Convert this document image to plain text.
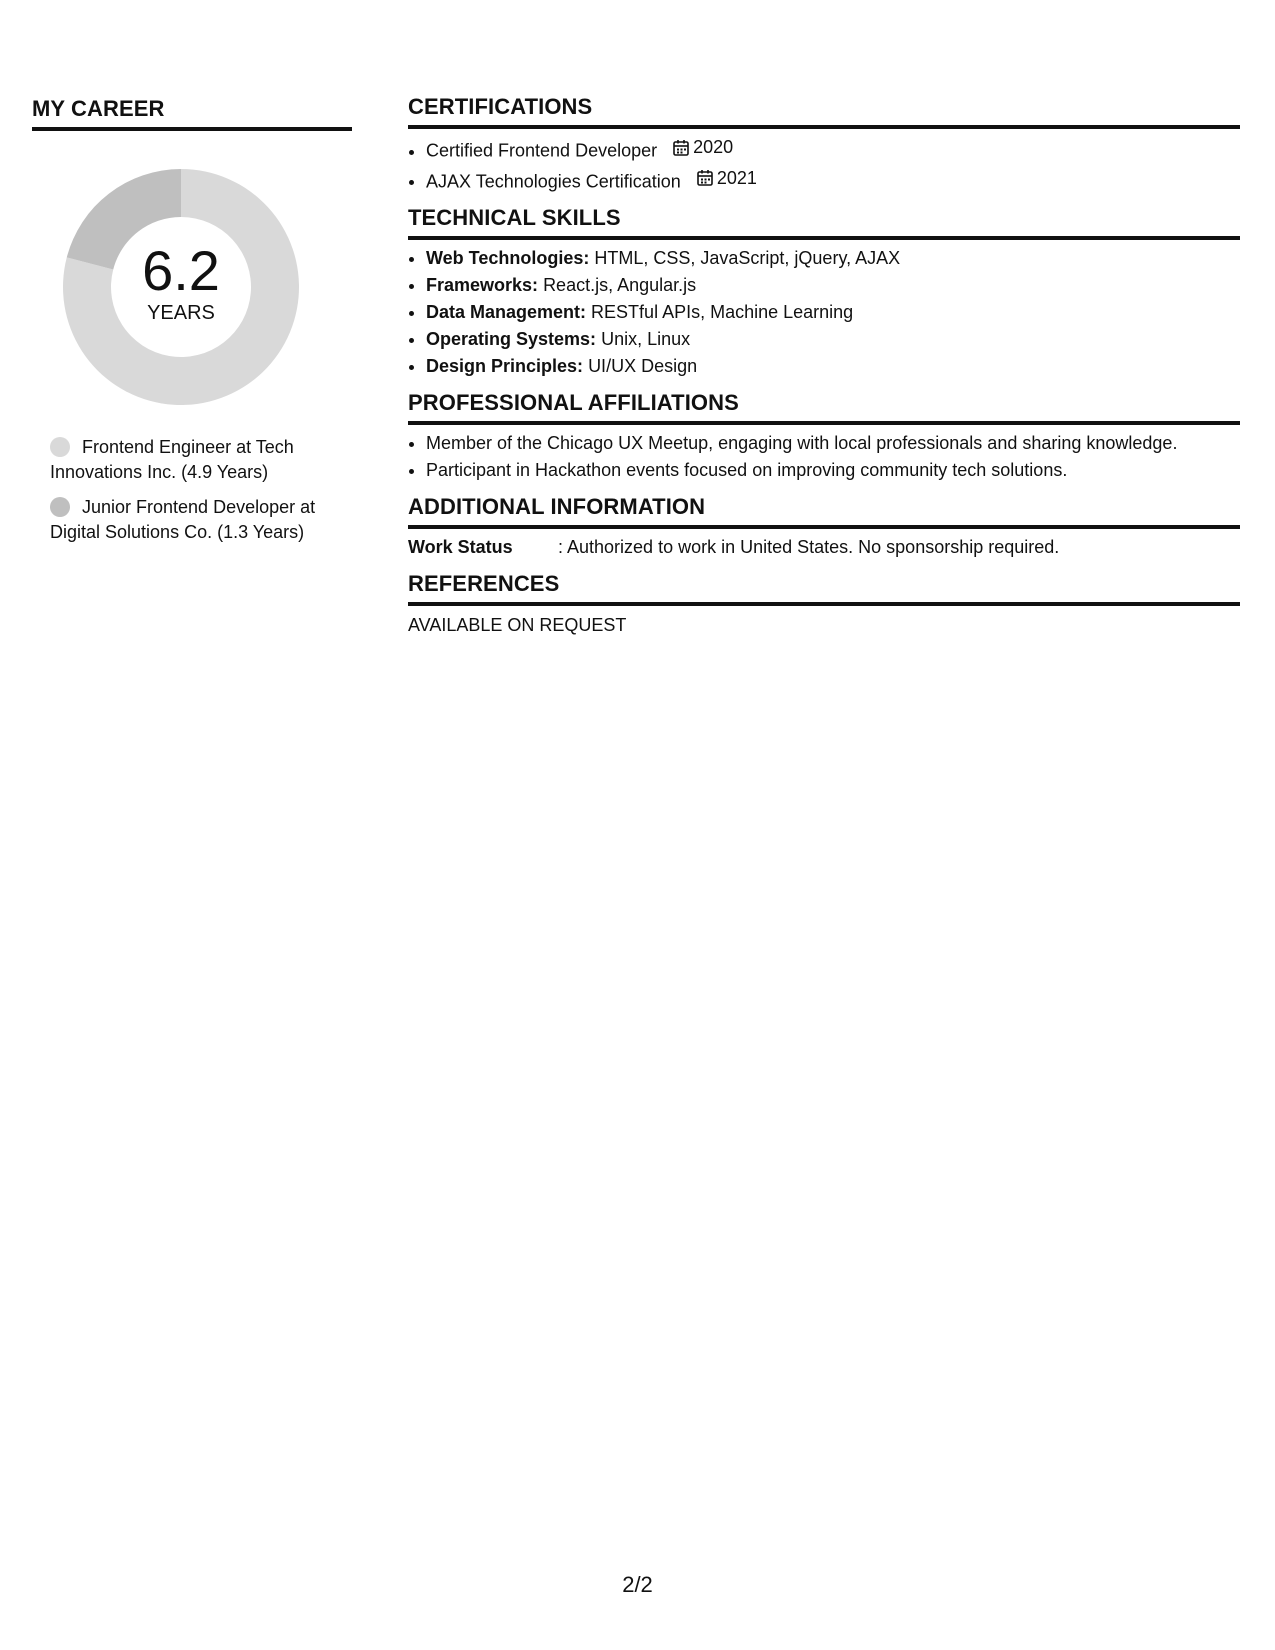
MY CAREER
6.2
YEARS
Frontend Engineer at Tech Innovations Inc. (4.9 Years)
Junior Frontend Developer at Digital Solutions Co. (1.3 Years)
CERTIFICATIONS
• Certified Frontend Developer 2020
• AJAX Technologies Certification 2021
TECHNICAL SKILLS
• Web Technologies: HTML, CSS, JavaScript, jQuery, AJAX
• Frameworks: React.js, Angular.js
• Data Management: RESTful APIs, Machine Learning
• Operating Systems: Unix, Linux
• Design Principles: UI/UX Design
PROFESSIONAL AFFILIATIONS
• Member of the Chicago UX Meetup, engaging with local professionals and sharing knowledge.
• Participant in Hackathon events focused on improving community tech solutions.
ADDITIONAL INFORMATION
Work Status	: Authorized to work in United States. No sponsorship required.
REFERENCES
AVAILABLE ON REQUEST
2/2
